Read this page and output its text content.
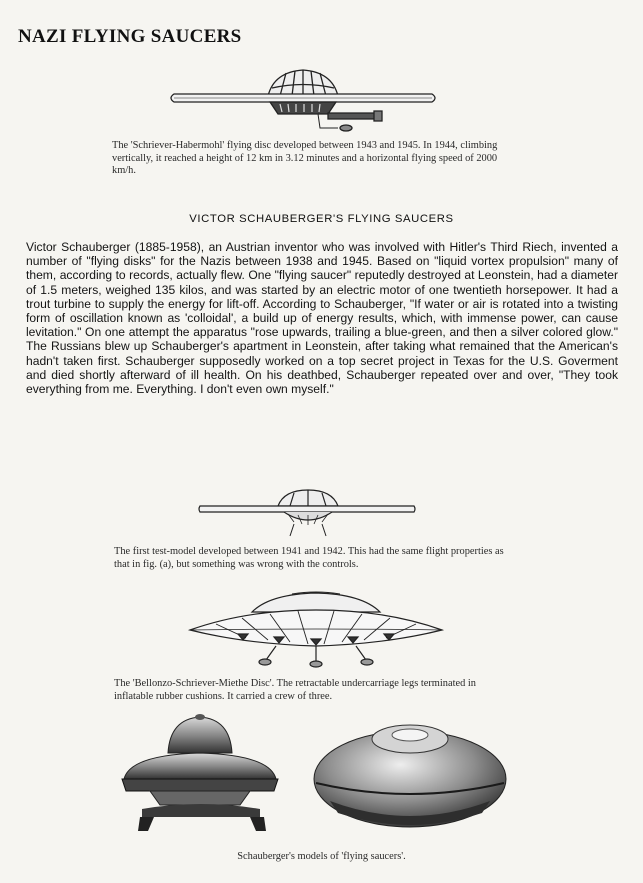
NAZI FLYING SAUCERS
The 'Schriever-Habermohl' flying disc developed between 1943 and 1945. In 1944, climbing vertically, it reached a height of 12 km in 3.12 minutes and a horizontal flying speed of 2000 km/h.
VICTOR SCHAUBERGER'S FLYING SAUCERS
Victor Schauberger (1885-1958), an Austrian inventor who was involved with Hitler's Third Riech, invented a number of "flying disks" for the Nazis between 1938 and 1945. Based on "liquid vortex propulsion" many of them, according to records, actually flew. One "flying saucer" reputedly destroyed at Leonstein, had a diameter of 1.5 meters, weighed 135 kilos, and was started by an electric motor of one twentieth horsepower. It had a trout turbine to supply the energy for lift-off. According to Schauberger, "If water or air is rotated into a twisting form of oscillation known as 'colloidal', a build up of energy results, which, with immense power, can cause levitation." On one attempt the apparatus "rose upwards, trailing a blue-green, and then a silver colored glow." The Russians blew up Schauberger's apartment in Leonstein, after taking what remained that the American's hadn't taken first. Schauberger supposedly worked on a top secret project in Texas for the U.S. Goverment and died shortly afterward of ill health. On his deathbed, Schauberger repeated over and over, "They took everything from me. Everything. I don't even own myself."
The first test-model developed between 1941 and 1942. This had the same flight properties as that in fig. (a), but something was wrong with the controls.
The 'Bellonzo-Schriever-Miethe Disc'. The retractable undercarriage legs terminated in inflatable rubber cushions. It carried a crew of three.
Schauberger's models of 'flying saucers'.
